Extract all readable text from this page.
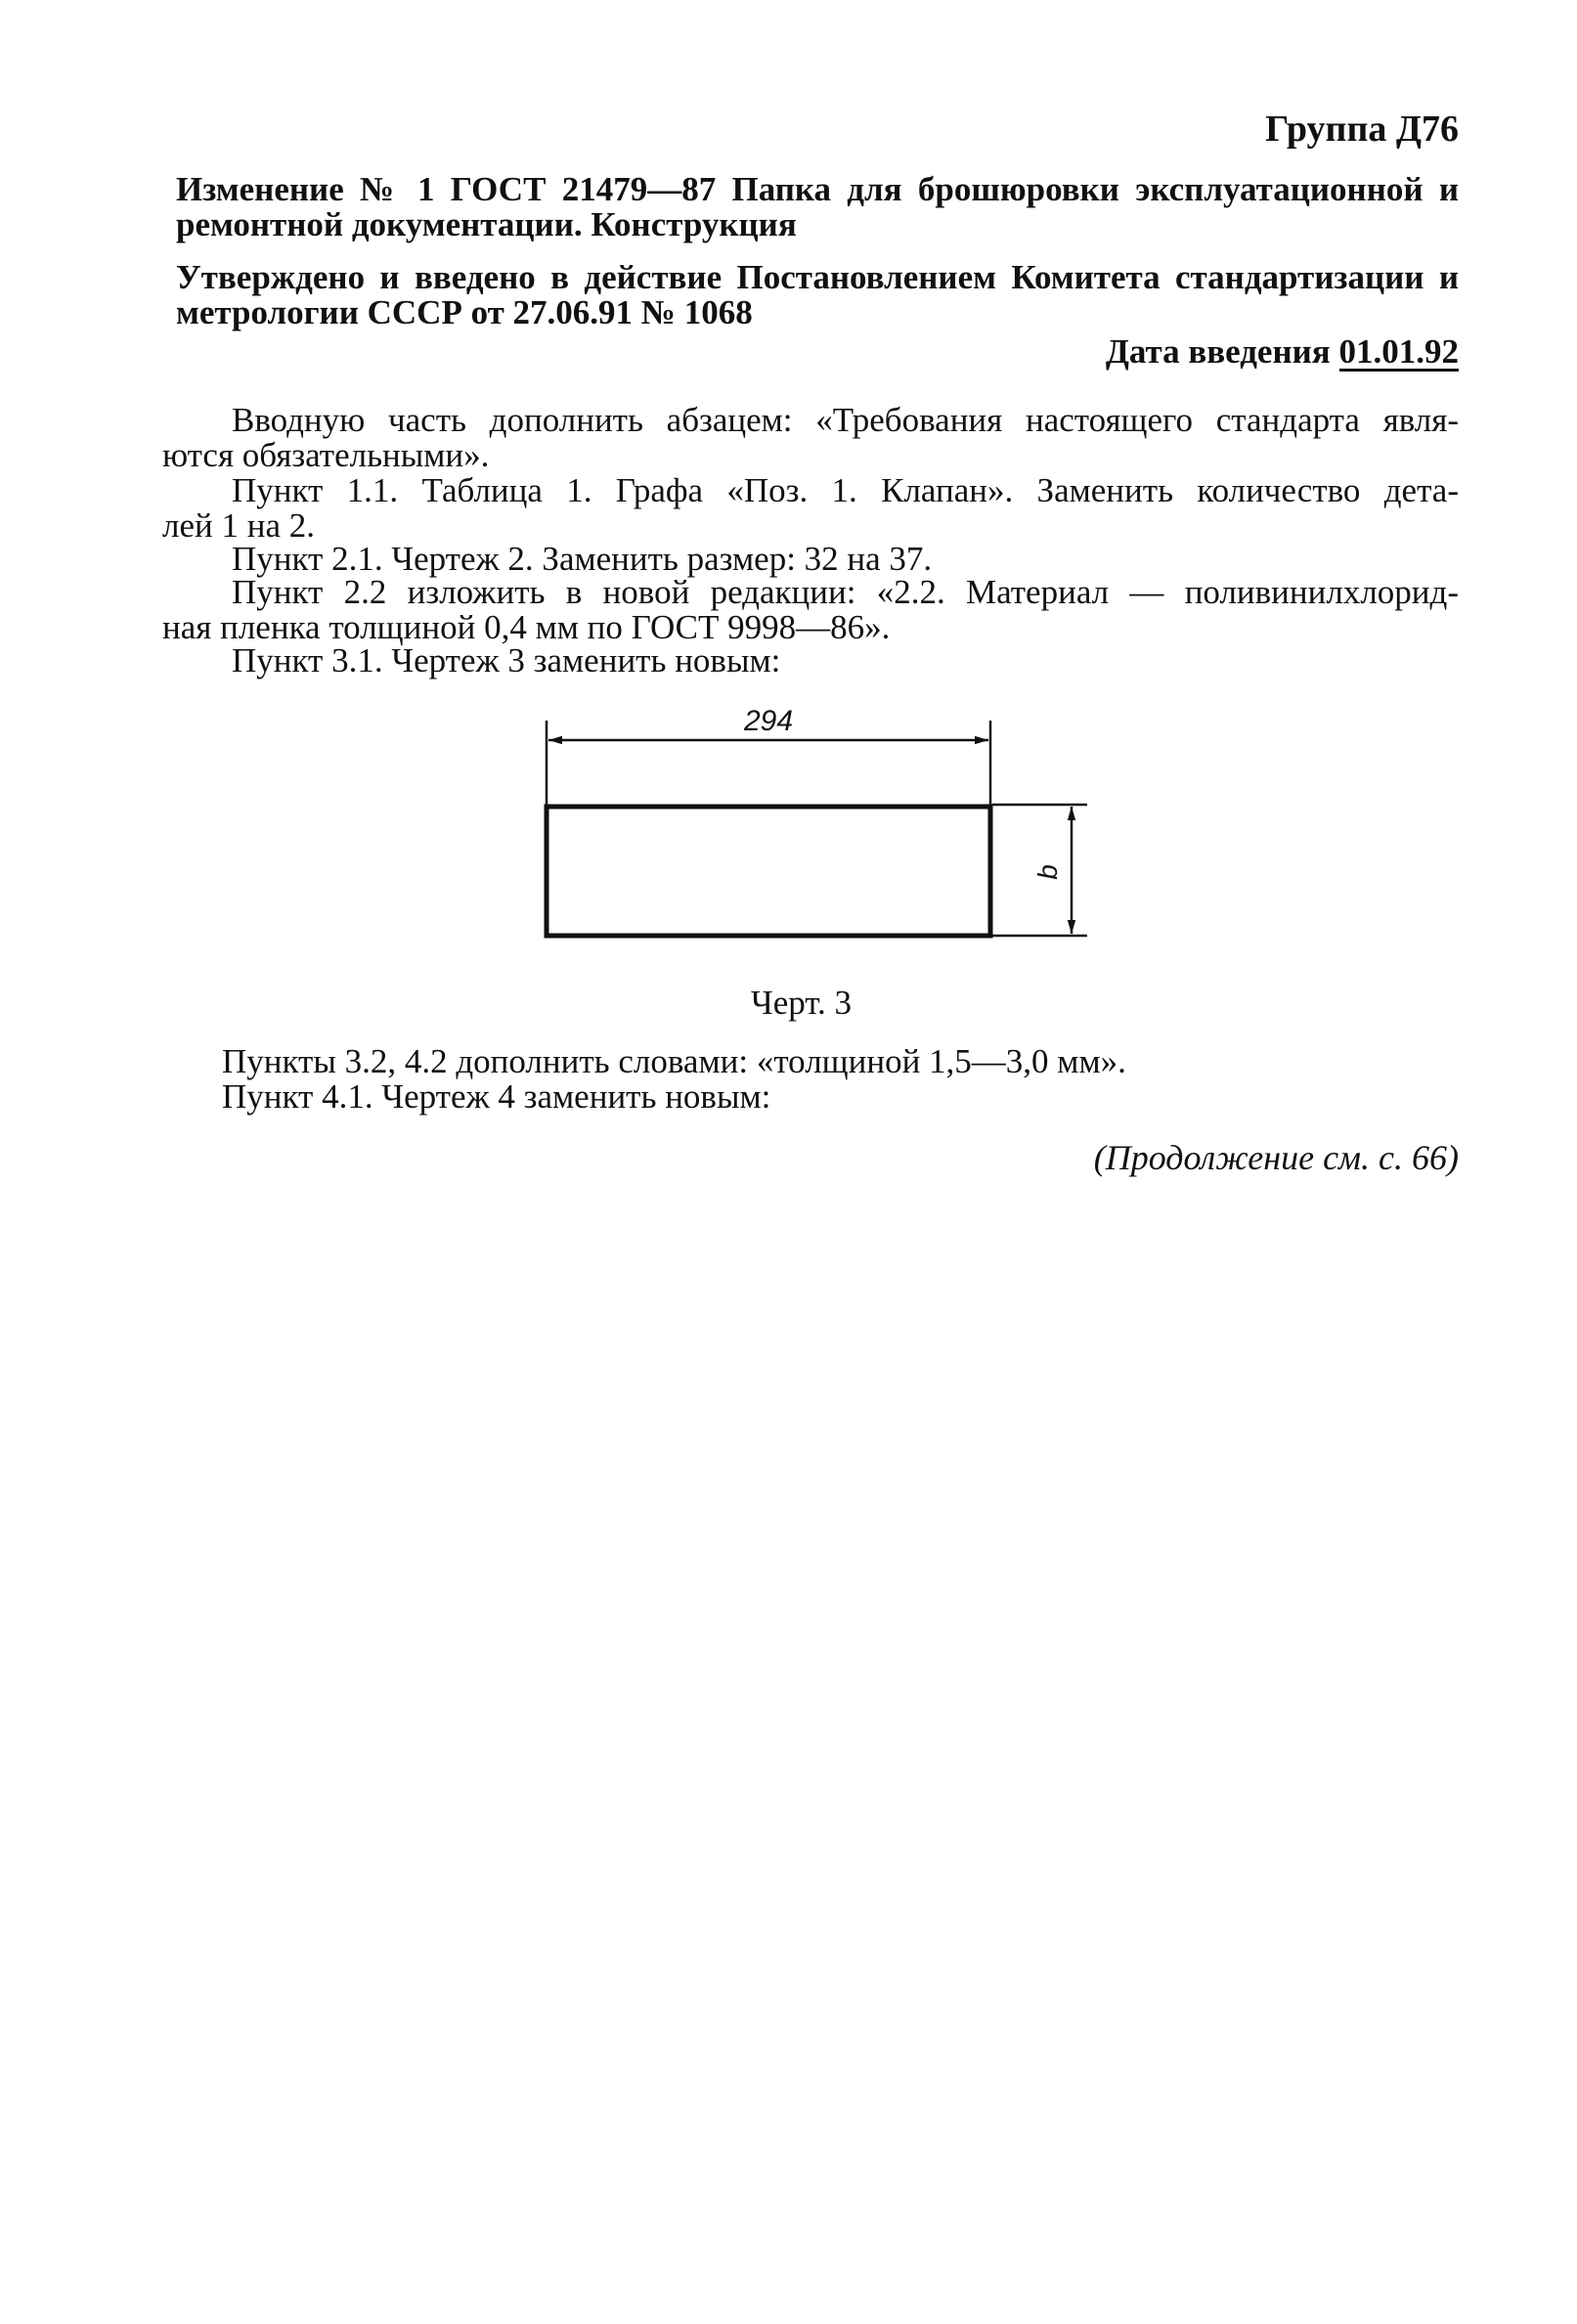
Группа Д76
Изменение № 1 ГОСТ 21479—87 Папка для брошюровки эксплуатационной и
ремонтной документации. Конструкция
Утверждено и введено в действие Постановлением Комитета стандартизации и
метрологии СССР от 27.06.91 № 1068
Дата введения 01.01.92
Вводную часть дополнить абзацем: «Требования настоящего стандарта явля-
ются обязательными».
Пункт 1.1. Таблица 1. Графа «Поз. 1. Клапан». Заменить количество дета-
лей 1 на 2.
Пункт 2.1. Чертеж 2. Заменить размер: 32 на 37.
Пункт 2.2 изложить в новой редакции: «2.2. Материал — поливинилхлорид-
ная пленка толщиной 0,4 мм по ГОСТ 9998—86».
Пункт 3.1. Чертеж 3 заменить новым:
294
b
Черт. 3
Пункты 3.2, 4.2 дополнить словами: «толщиной 1,5—3,0 мм».
Пункт 4.1. Чертеж 4 заменить новым:
(Продолжение см. с. 66)
